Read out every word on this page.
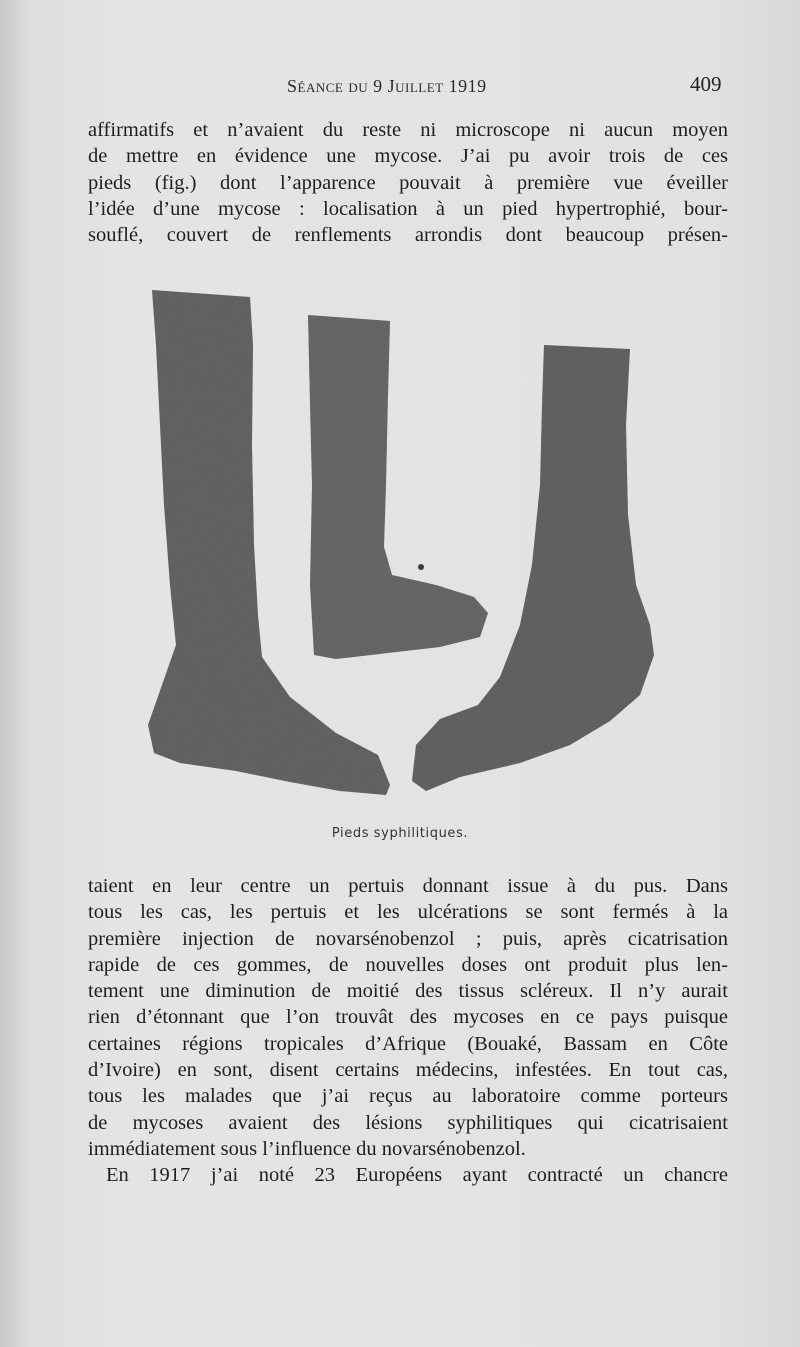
Séance du 9 Juillet 1919	409
affirmatifs et n’avaient du reste ni microscope ni aucun moyen
de mettre en évidence une mycose. J’ai pu avoir trois de ces
pieds (fig.) dont l’apparence pouvait à première vue éveiller
l’idée d’une mycose : localisation à un pied hypertrophié, bour-
souflé, couvert de renflements arrondis dont beaucoup présen-
Pieds syphilitiques.
taient en leur centre un pertuis donnant issue à du pus. Dans
tous les cas, les pertuis et les ulcérations se sont fermés à la
première injection de novarsénobenzol ; puis, après cicatrisation
rapide de ces gommes, de nouvelles doses ont produit plus len-
tement une diminution de moitié des tissus scléreux. Il n’y aurait
rien d’étonnant que l’on trouvât des mycoses en ce pays puisque
certaines régions tropicales d’Afrique (Bouaké, Bassam en Côte
d’Ivoire) en sont, disent certains médecins, infestées. En tout cas,
tous les malades que j’ai reçus au laboratoire comme porteurs
de mycoses avaient des lésions syphilitiques qui cicatrisaient
immédiatement sous l’influence du novarsénobenzol.
En 1917 j’ai noté 23 Européens ayant contracté un chancre
